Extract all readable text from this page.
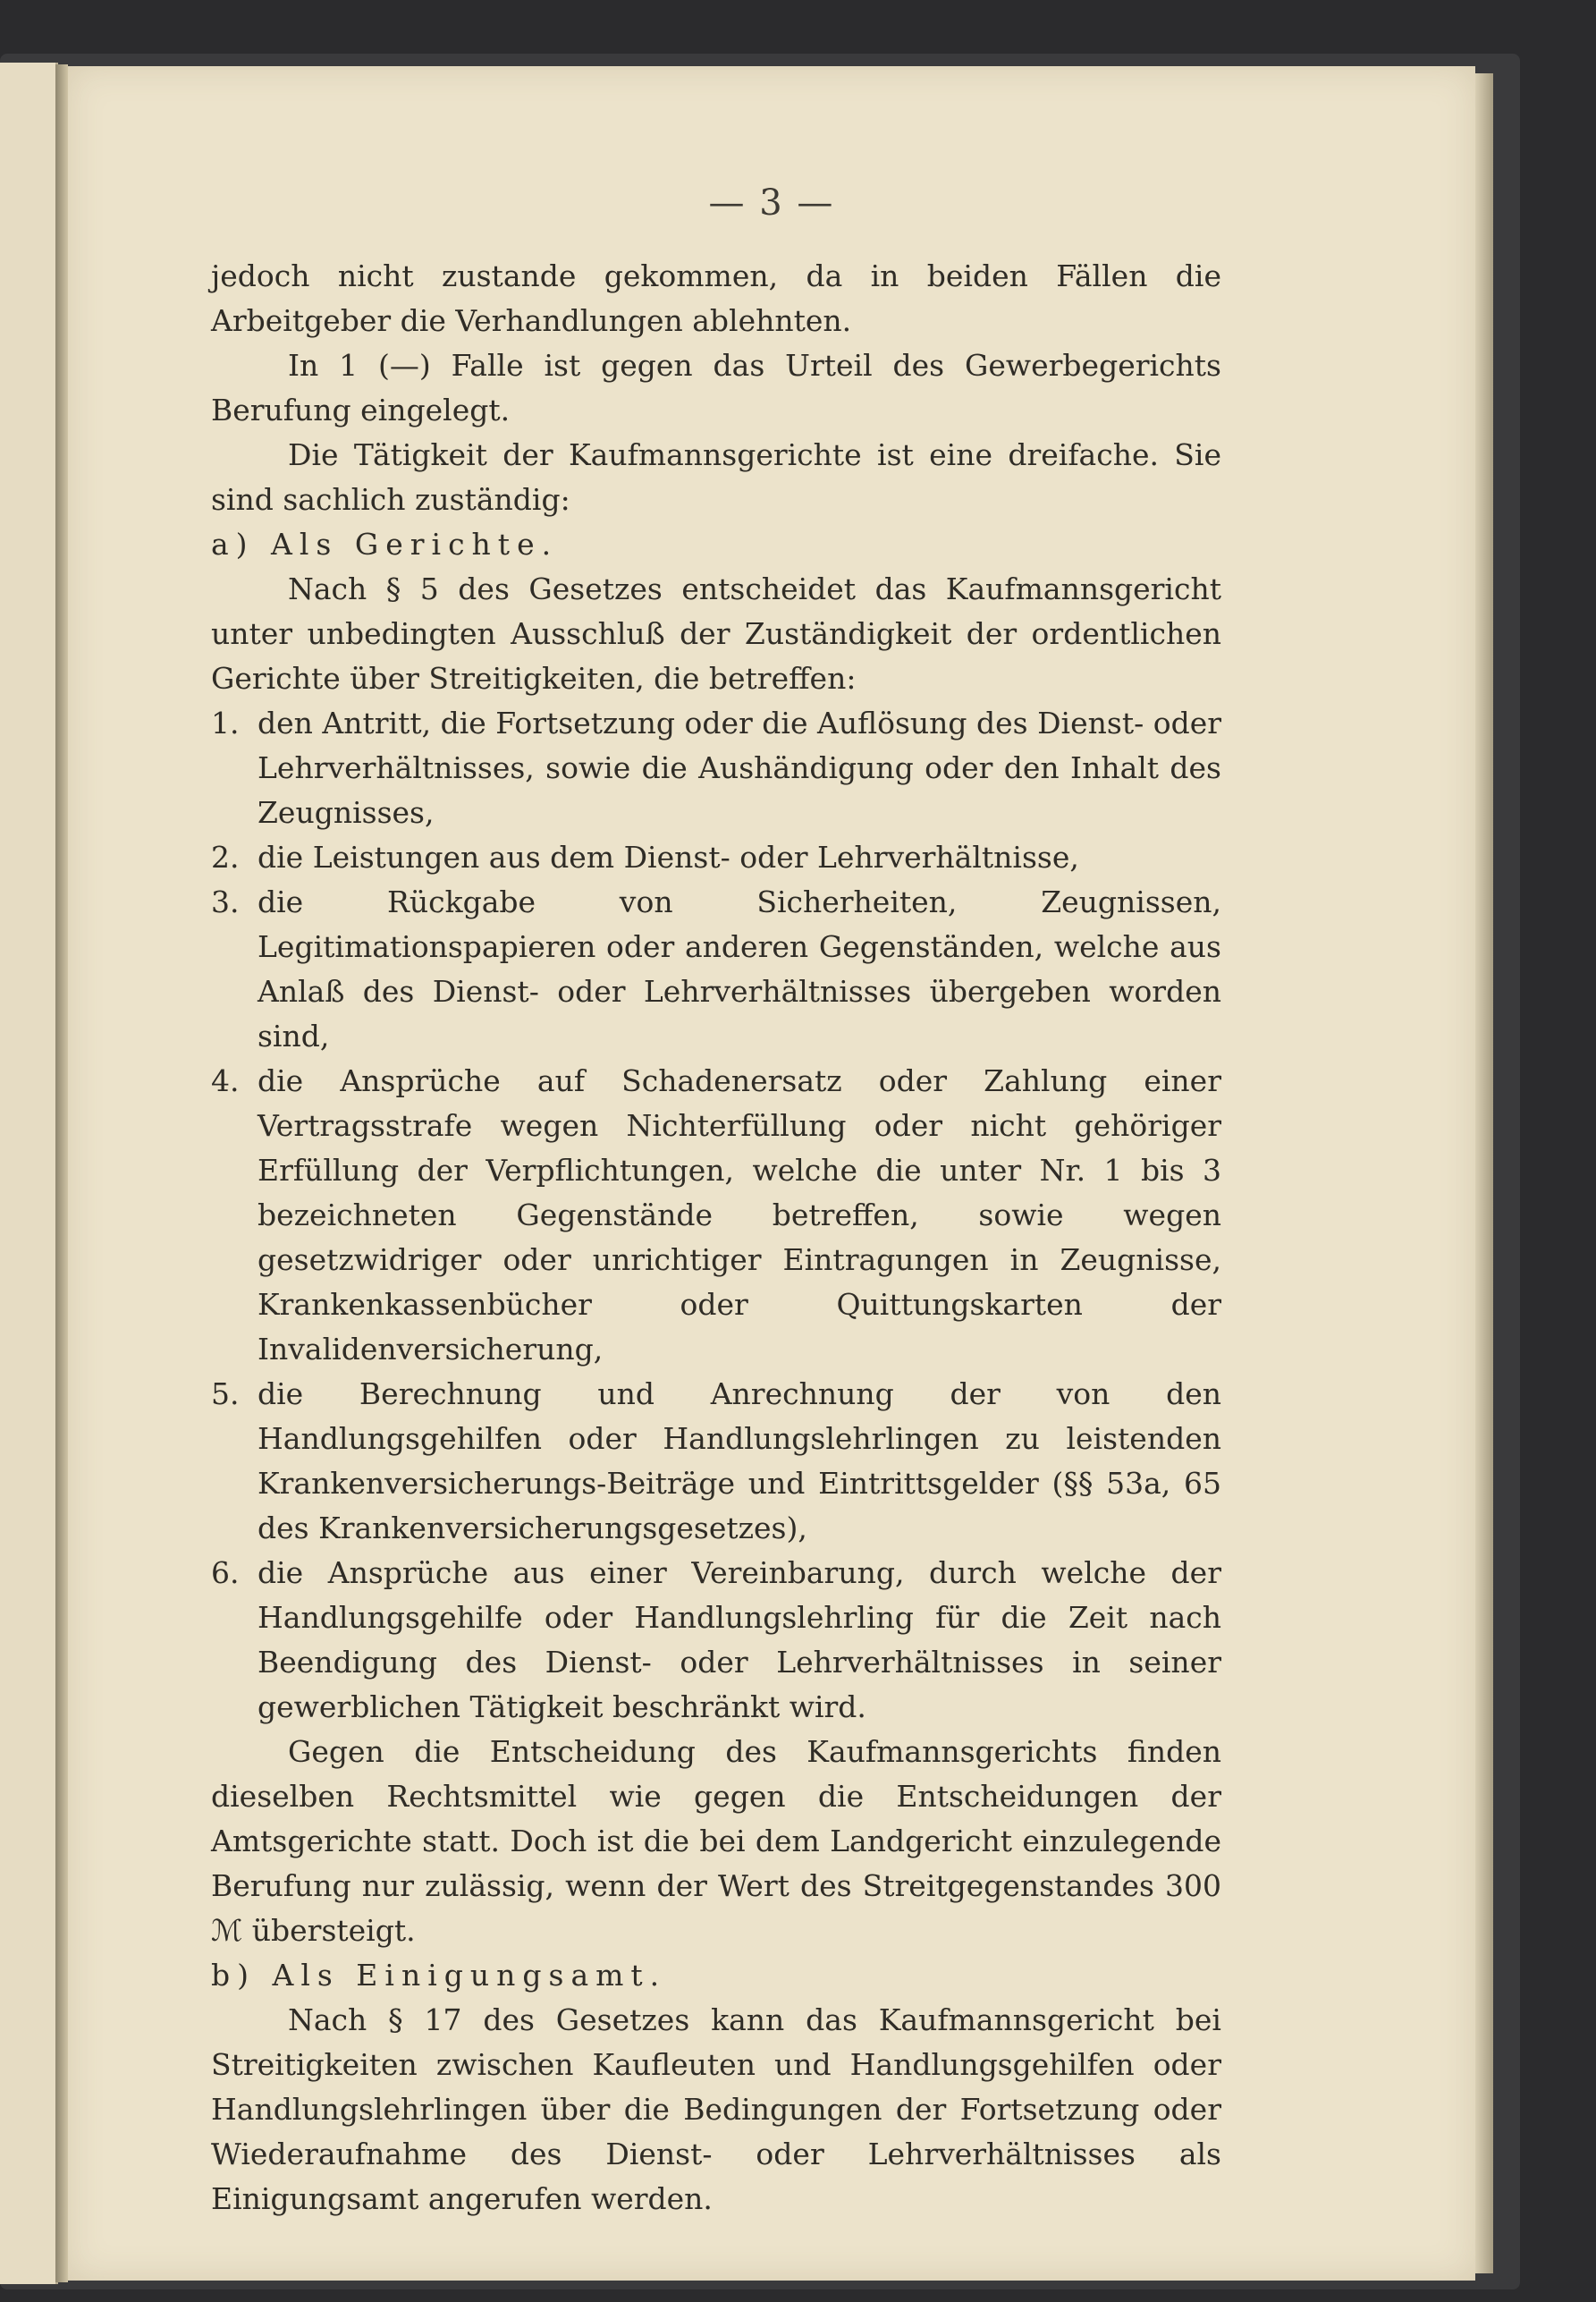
— 3 —

jedoch nicht zustande gekommen, da in beiden Fällen die Arbeitgeber die Verhandlungen ablehnten.

In 1 (—) Falle ist gegen das Urteil des Gewerbegerichts Berufung eingelegt.

Die Tätigkeit der Kaufmannsgerichte ist eine dreifache. Sie sind sachlich zuständig:

a) Als Gerichte.

Nach § 5 des Gesetzes entscheidet das Kaufmannsgericht unter unbedingten Ausschluß der Zuständigkeit der ordentlichen Gerichte über Streitigkeiten, die betreffen:

1. den Antritt, die Fortsetzung oder die Auflösung des Dienst- oder Lehrverhältnisses, sowie die Aushändigung oder den Inhalt des Zeugnisses,
2. die Leistungen aus dem Dienst- oder Lehrverhältnisse,
3. die Rückgabe von Sicherheiten, Zeugnissen, Legitimationspapieren oder anderen Gegenständen, welche aus Anlaß des Dienst- oder Lehrverhältnisses übergeben worden sind,
4. die Ansprüche auf Schadenersatz oder Zahlung einer Vertragsstrafe wegen Nichterfüllung oder nicht gehöriger Erfüllung der Verpflichtungen, welche die unter Nr. 1 bis 3 bezeichneten Gegenstände betreffen, sowie wegen gesetzwidriger oder unrichtiger Eintragungen in Zeugnisse, Krankenkassenbücher oder Quittungskarten der Invalidenversicherung,
5. die Berechnung und Anrechnung der von den Handlungsgehilfen oder Handlungslehrlingen zu leistenden Krankenversicherungs-Beiträge und Eintrittsgelder (§§ 53a, 65 des Krankenversicherungsgesetzes),
6. die Ansprüche aus einer Vereinbarung, durch welche der Handlungsgehilfe oder Handlungslehrling für die Zeit nach Beendigung des Dienst- oder Lehrverhältnisses in seiner gewerblichen Tätigkeit beschränkt wird.

Gegen die Entscheidung des Kaufmannsgerichts finden dieselben Rechtsmittel wie gegen die Entscheidungen der Amtsgerichte statt. Doch ist die bei dem Landgericht einzulegende Berufung nur zulässig, wenn der Wert des Streitgegenstandes 300 ℳ übersteigt.

b) Als Einigungsamt.

Nach § 17 des Gesetzes kann das Kaufmannsgericht bei Streitigkeiten zwischen Kaufleuten und Handlungsgehilfen oder Handlungslehrlingen über die Bedingungen der Fortsetzung oder Wiederaufnahme des Dienst- oder Lehrverhältnisses als Einigungsamt angerufen werden.
